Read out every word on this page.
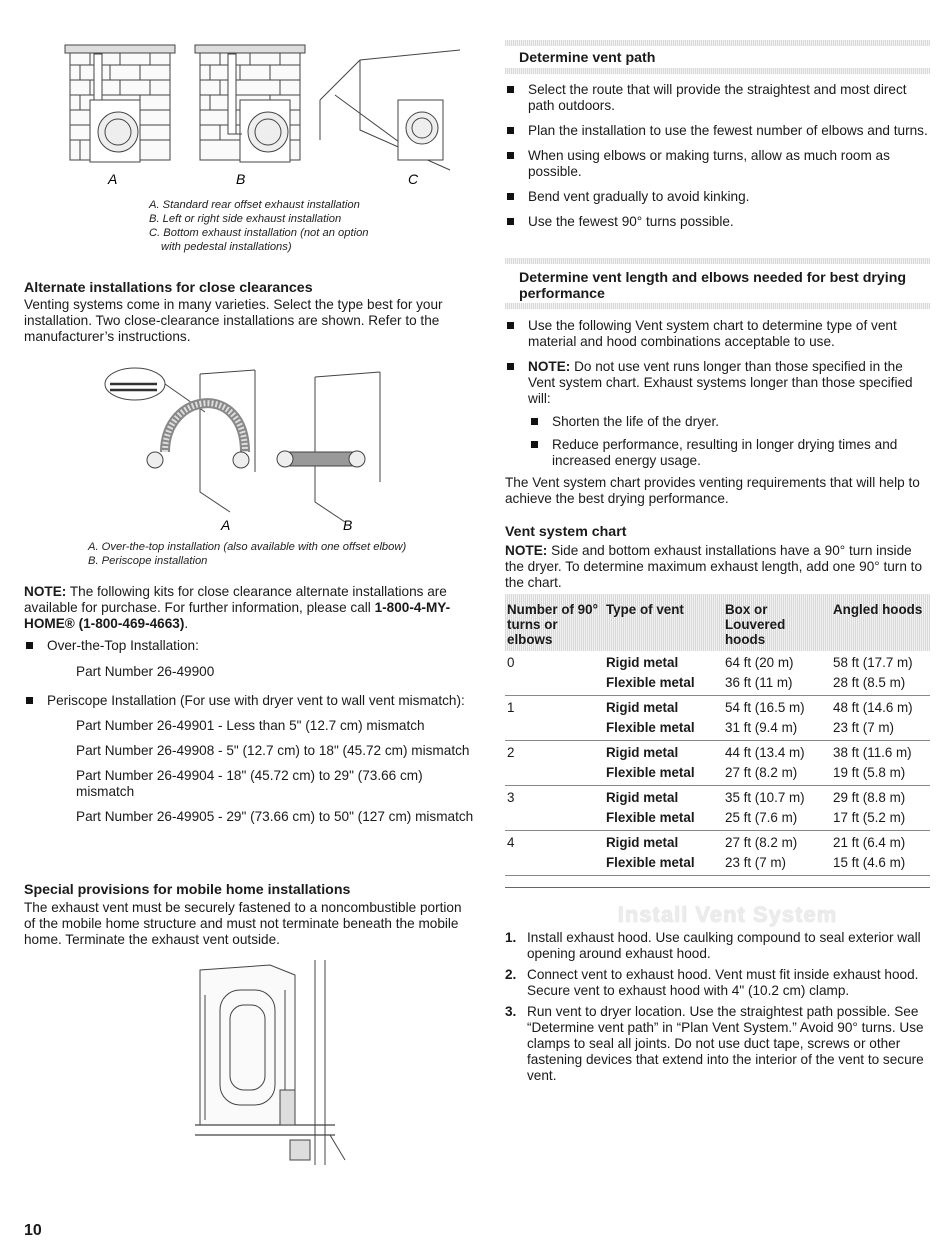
A	B	C

A. Standard rear offset exhaust installation

B. Left or right side exhaust installation

C. Bottom exhaust installation (not an option

with pedestal installations)

Alternate installations for close clearances

Venting systems come in many varieties. Select the type best for your installation. Two close-clearance installations are shown. Refer to the manufacturer’s instructions.

A	B

A. Over-the-top installation (also available with one offset elbow)

B. Periscope installation

NOTE: The following kits for close clearance alternate installations are available for purchase. For further information, please call 1-800-4-MY-HOME® (1-800-469-4663).

Over-the-Top Installation:
Part Number 26-49900
Periscope Installation (For use with dryer vent to wall vent mismatch):
Part Number 26-49901 - Less than 5" (12.7 cm) mismatch
Part Number 26-49908 - 5" (12.7 cm) to 18" (45.72 cm) mismatch
Part Number 26-49904 - 18" (45.72 cm) to 29" (73.66 cm) mismatch
Part Number 26-49905 - 29" (73.66 cm) to 50" (127 cm) mismatch
Special provisions for mobile home installations

The exhaust vent must be securely fastened to a noncombustible portion of the mobile home structure and must not terminate beneath the mobile home. Terminate the exhaust vent outside.

10
Determine vent path
Select the route that will provide the straightest and most direct path outdoors.
Plan the installation to use the fewest number of elbows and turns.
When using elbows or making turns, allow as much room as possible.
Bend vent gradually to avoid kinking.
Use the fewest 90° turns possible.
Determine vent length and elbows needed for best drying performance
Use the following Vent system chart to determine type of vent material and hood combinations acceptable to use.
NOTE: Do not use vent runs longer than those specified in the Vent system chart. Exhaust systems longer than those specified will:
Shorten the life of the dryer.
Reduce performance, resulting in longer drying times and increased energy usage.

The Vent system chart provides venting requirements that will help to achieve the best drying performance.

Vent system chart

NOTE: Side and bottom exhaust installations have a 90° turn inside the dryer. To determine maximum exhaust length, add one 90° turn to the chart.

Number of 90° turns or elbows	Type of vent	Box or Louvered hoods	Angled hoods
0	Rigid metal	64 ft (20 m)	58 ft (17.7 m)
	Flexible metal	36 ft (11 m)	28 ft (8.5 m)
1	Rigid metal	54 ft (16.5 m)	48 ft (14.6 m)
	Flexible metal	31 ft (9.4 m)	23 ft (7 m)
2	Rigid metal	44 ft (13.4 m)	38 ft (11.6 m)
	Flexible metal	27 ft (8.2 m)	19 ft (5.8 m)
3	Rigid metal	35 ft (10.7 m)	29 ft (8.8 m)
	Flexible metal	25 ft (7.6 m)	17 ft (5.2 m)
4	Rigid metal	27 ft (8.2 m)	21 ft (6.4 m)
	Flexible metal	23 ft (7 m)	15 ft (4.6 m)
Install Vent System
1. Install exhaust hood. Use caulking compound to seal exterior wall opening around exhaust hood.
2. Connect vent to exhaust hood. Vent must fit inside exhaust hood. Secure vent to exhaust hood with 4" (10.2 cm) clamp.
3. Run vent to dryer location. Use the straightest path possible. See “Determine vent path” in “Plan Vent System.” Avoid 90° turns. Use clamps to seal all joints. Do not use duct tape, screws or other fastening devices that extend into the interior of the vent to secure vent.
